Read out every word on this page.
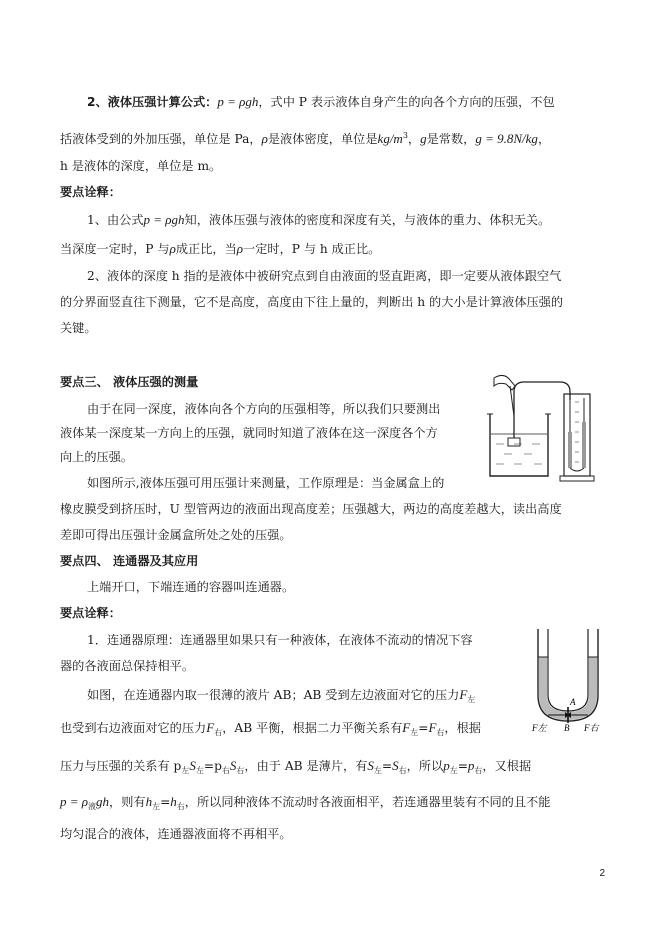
2、液体压强计算公式：p = ρgh，式中 P 表示液体自身产生的向各个方向的压强，不包
括液体受到的外加压强，单位是 Pa，ρ是液体密度，单位是$kg/m^3$，g是常数，g = 9.8N/kg，
h 是液体的深度，单位是 m。
要点诠释：
1、由公式p = ρgh知，液体压强与液体的密度和深度有关，与液体的重力、体积无关。
当深度一定时，P 与ρ成正比，当ρ一定时，P 与 h 成正比。
2、液体的深度 h 指的是液体中被研究点到自由液面的竖直距离，即一定要从液体跟空气
的分界面竖直往下测量，它不是高度，高度由下往上量的，判断出 h 的大小是计算液体压强的
关键。
要点三、 液体压强的测量
由于在同一深度，液体向各个方向的压强相等，所以我们只要测出
液体某一深度某一方向上的压强，就同时知道了液体在这一深度各个方
向上的压强。
如图所示,液体压强可用压强计来测量，工作原理是：当金属盒上的
橡皮膜受到挤压时，U 型管两边的液面出现高度差；压强越大，两边的高度差越大，读出高度
差即可得出压强计金属盒所处之处的压强。
要点四、 连通器及其应用
上端开口，下端连通的容器叫连通器。
要点诠释：
1．连通器原理：连通器里如果只有一种液体，在液体不流动的情况下容
器的各液面总保持相平。
如图，在连通器内取一很薄的液片 AB；AB 受到左边液面对它的压力$F_左$
也受到右边液面对它的压力$F_右$，AB 平衡，根据二力平衡关系有$F_左=F_右$，根据
压力与压强的关系有 $p_左S_左=p_右S_右$，由于 AB 是薄片，有$S_左=S_右$，所以$p_左=p_右$，又根据
$p = \rho_液gh$，则有$h_左=h_右$，所以同种液体不流动时各液面相平，若连通器里装有不同的且不能
均匀混合的液体，连通器液面将不再相平。
A
B
F左	F右
2
